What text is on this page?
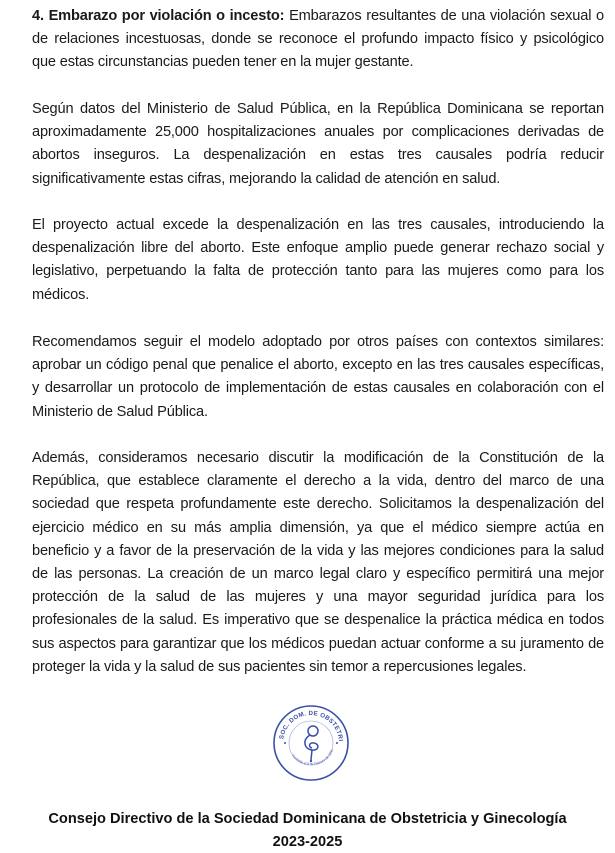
4. Embarazo por violación o incesto: Embarazos resultantes de una violación sexual o de relaciones incestuosas, donde se reconoce el profundo impacto físico y psicológico que estas circunstancias pueden tener en la mujer gestante.

Según datos del Ministerio de Salud Pública, en la República Dominicana se reportan aproximadamente 25,000 hospitalizaciones anuales por complicaciones derivadas de abortos inseguros. La despenalización en estas tres causales podría reducir significativamente estas cifras, mejorando la calidad de atención en salud.

El proyecto actual excede la despenalización en las tres causales, introduciendo la despenalización libre del aborto. Este enfoque amplio puede generar rechazo social y legislativo, perpetuando la falta de protección tanto para las mujeres como para los médicos.

Recomendamos seguir el modelo adoptado por otros países con contextos similares: aprobar un código penal que penalice el aborto, excepto en las tres causales específicas, y desarrollar un protocolo de implementación de estas causales en colaboración con el Ministerio de Salud Pública.

Además, consideramos necesario discutir la modificación de la Constitución de la República, que establece claramente el derecho a la vida, dentro del marco de una sociedad que respeta profundamente este derecho. Solicitamos la despenalización del ejercicio médico en su más amplia dimensión, ya que el médico siempre actúa en beneficio y a favor de la preservación de la vida y las mejores condiciones para la salud de las personas. La creación de un marco legal claro y específico permitirá una mejor protección de la salud de las mujeres y una mayor seguridad jurídica para los profesionales de la salud. Es imperativo que se despenalice la práctica médica en todos sus aspectos para garantizar que los médicos puedan actuar conforme a su juramento de proteger la vida y la salud de sus pacientes sin temor a repercusiones legales.

SOC. DOM. DE OBSTETRI
Fundada el 8 de Febrero de 1951
Consejo Directivo de la Sociedad Dominicana de Obstetricia y Ginecología
2023-2025
